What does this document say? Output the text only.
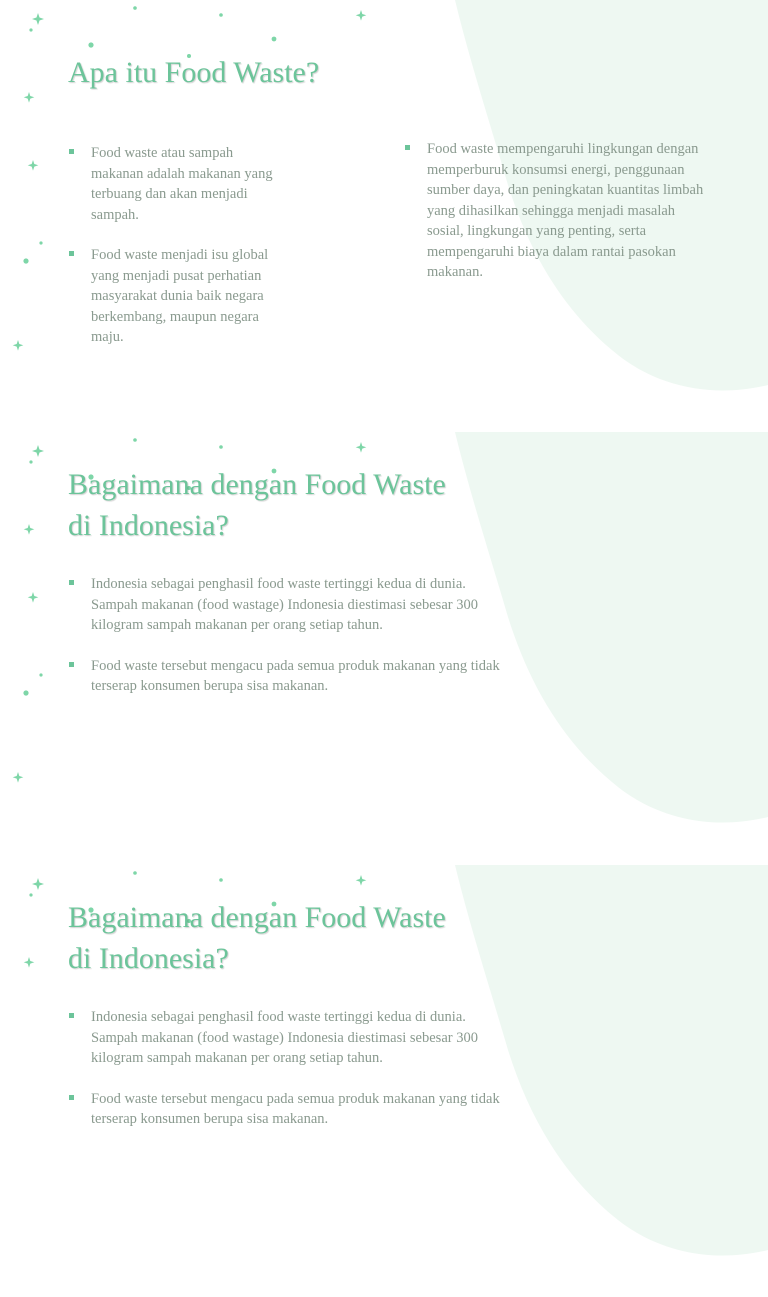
Apa itu Food Waste?
Food waste atau sampah makanan adalah makanan yang terbuang dan akan menjadi sampah.
Food waste menjadi isu global yang menjadi pusat perhatian masyarakat dunia baik negara berkembang, maupun negara maju.
Food waste mempengaruhi lingkungan dengan memperburuk konsumsi energi, penggunaan sumber daya, dan peningkatan kuantitas limbah yang dihasilkan sehingga menjadi masalah sosial, lingkungan yang penting, serta mempengaruhi biaya dalam rantai pasokan makanan.
Bagaimana dengan Food Waste di Indonesia?
Indonesia sebagai penghasil food waste tertinggi kedua di dunia. Sampah makanan (food wastage) Indonesia diestimasi sebesar 300 kilogram sampah makanan per orang setiap tahun.
Food waste tersebut mengacu pada semua produk makanan yang tidak terserap konsumen berupa sisa makanan.
Bagaimana dengan Food Waste di Indonesia?
Indonesia sebagai penghasil food waste tertinggi kedua di dunia. Sampah makanan (food wastage) Indonesia diestimasi sebesar 300 kilogram sampah makanan per orang setiap tahun.
Food waste tersebut mengacu pada semua produk makanan yang tidak terserap konsumen berupa sisa makanan.
